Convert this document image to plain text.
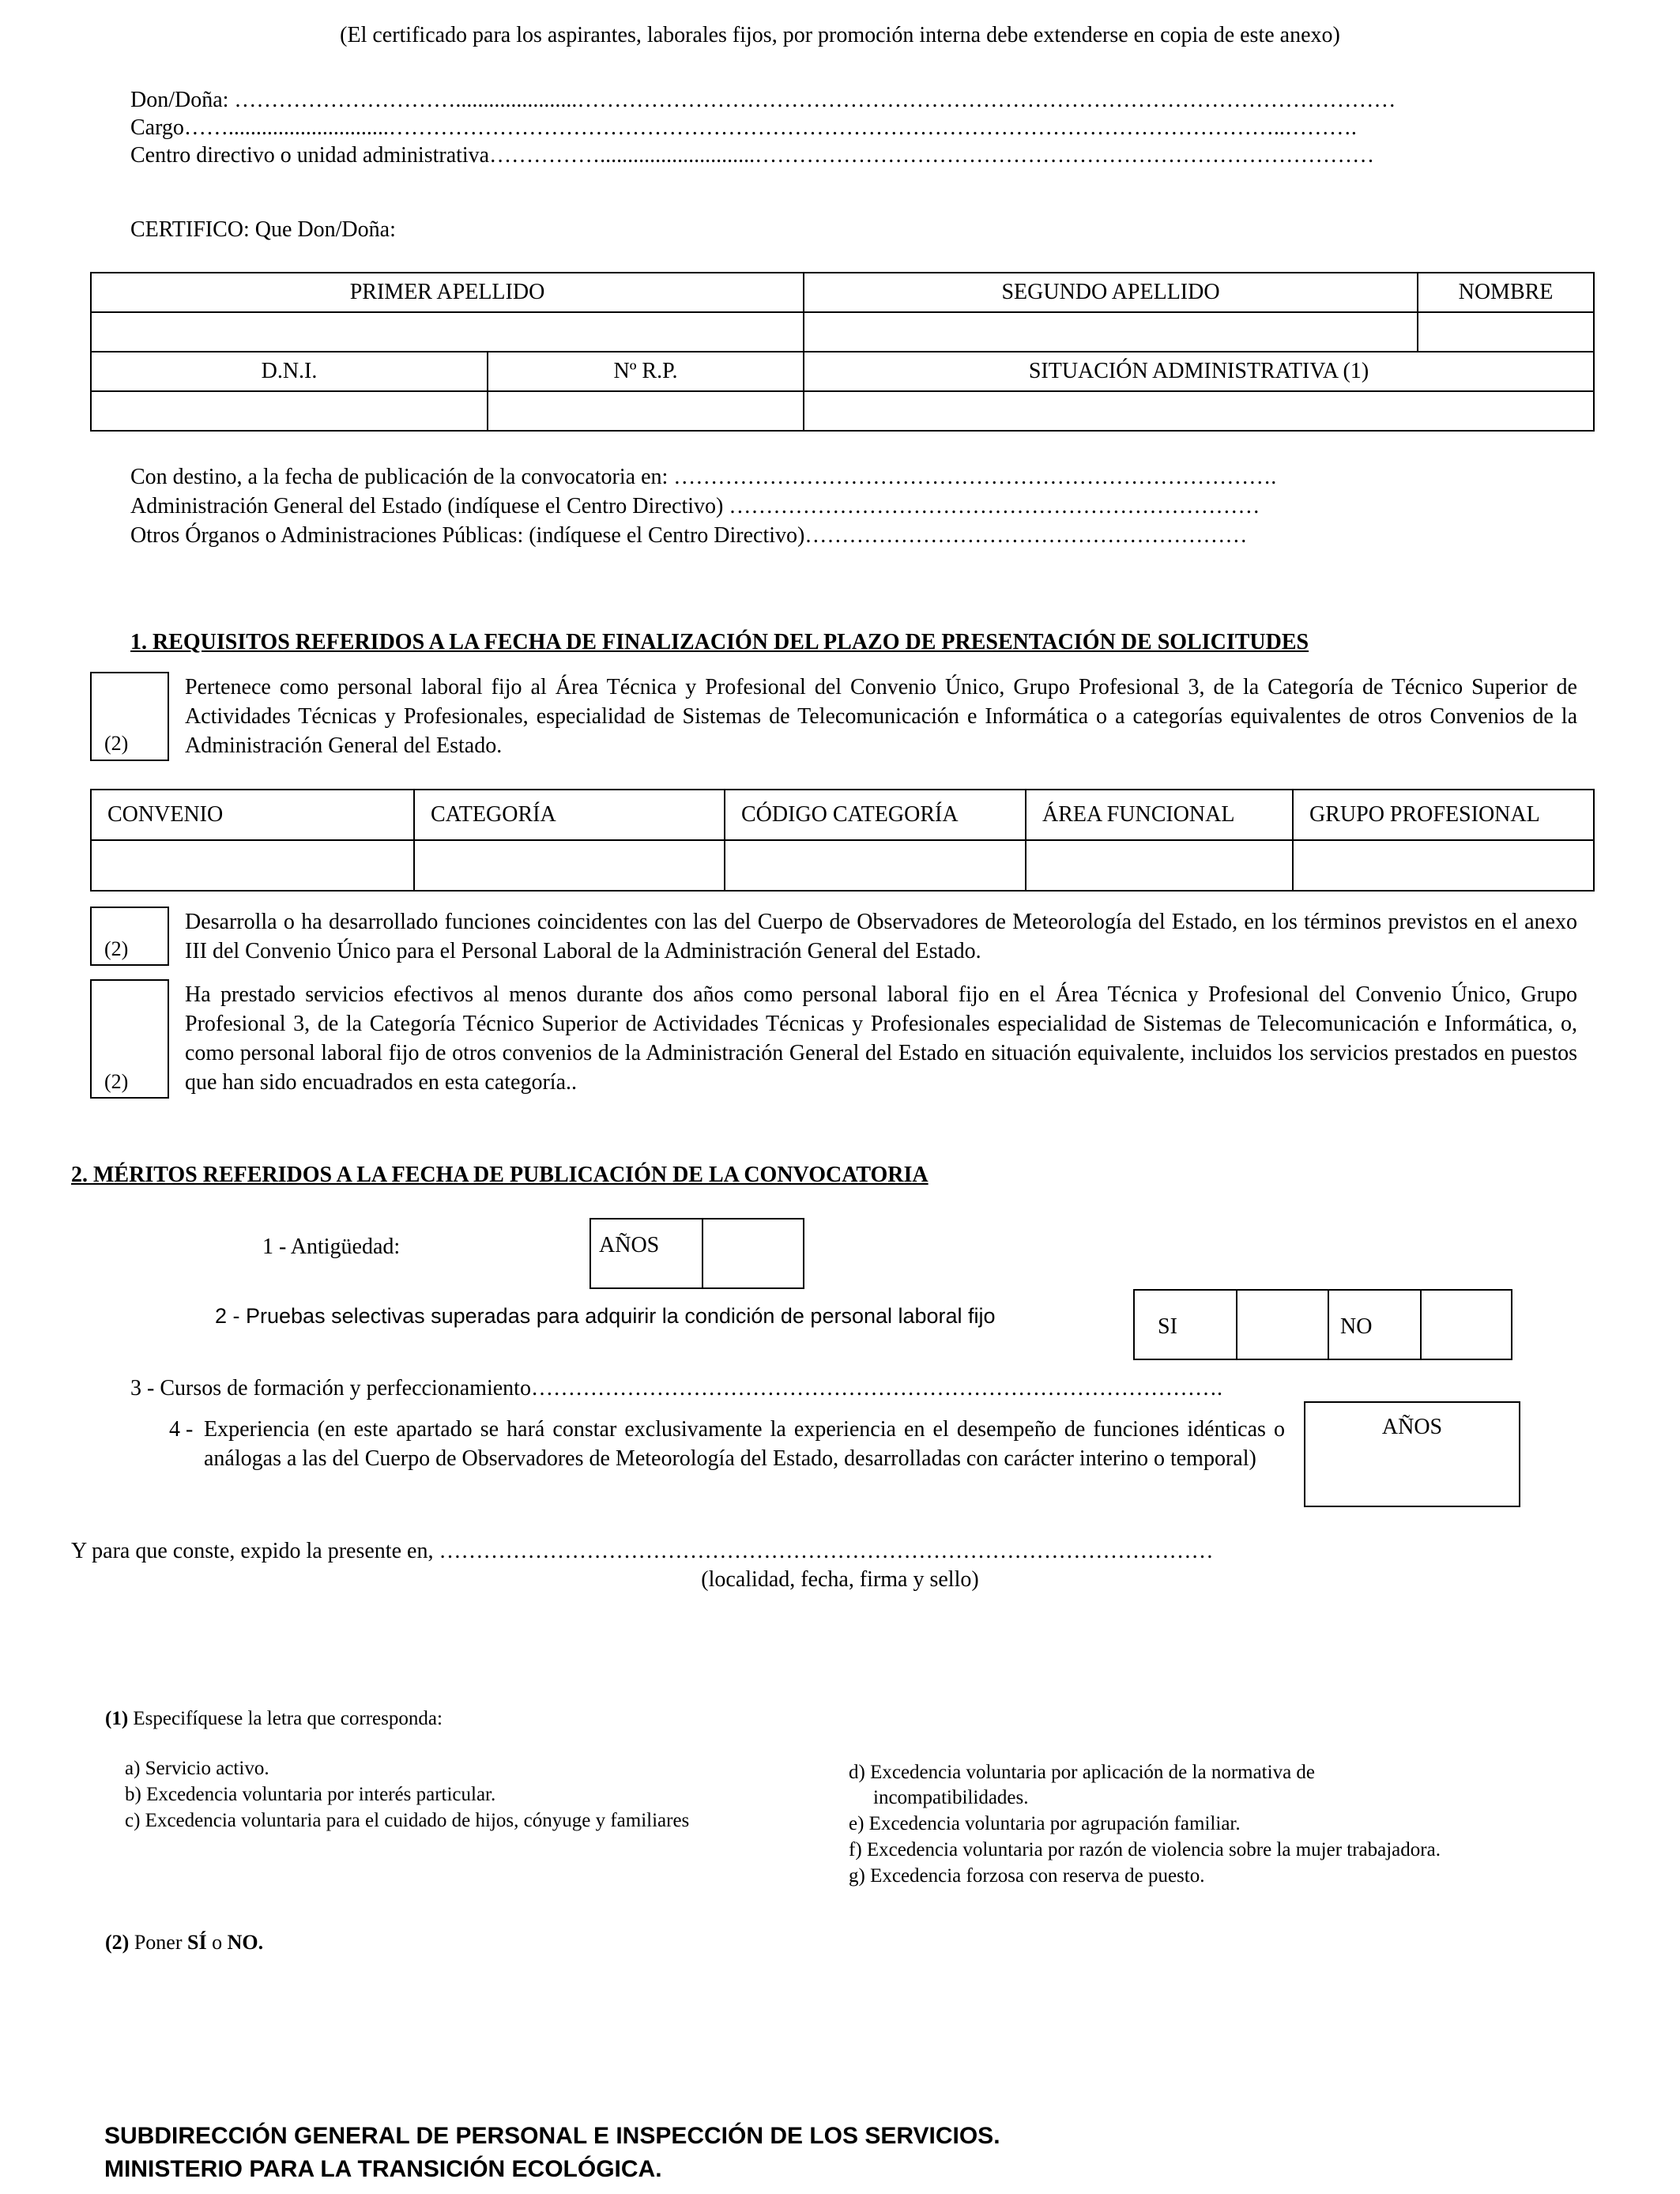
(El certificado para los aspirantes, laborales fijos, por promoción interna debe extenderse en copia de este anexo)
Don/Doña: …………………………......................…………………………………………………………………………………………………
Cargo…….............................…………………………………………………………………………………………………………..……….
Centro directivo o unidad administrativa……………............................…………………………………………………………………………
CERTIFICO: Que Don/Doña:
PRIMER APELLIDO		SEGUNDO APELLIDO	NOMBRE

D.N.I.	Nº R.P.	SITUACIÓN ADMINISTRATIVA (1)	

Con destino, a la fecha de publicación de la convocatoria en: ……………………………………………………………………….
Administración General del Estado (indíquese el Centro Directivo) ………………………………………………………………
Otros Órganos o Administraciones Públicas: (indíquese el Centro Directivo)……………………………………………………
1. REQUISITOS REFERIDOS A LA FECHA DE FINALIZACIÓN DEL PLAZO DE PRESENTACIÓN DE SOLICITUDES
(2)
Pertenece como personal laboral fijo al Área Técnica y Profesional del Convenio Único, Grupo Profesional 3, de la Categoría de Técnico Superior de Actividades Técnicas y Profesionales, especialidad de Sistemas de Telecomunicación e Informática o a categorías equivalentes de otros Convenios de la Administración General del Estado.
CONVENIO	CATEGORÍA	CÓDIGO CATEGORÍA	ÁREA FUNCIONAL	GRUPO PROFESIONAL

(2)
Desarrolla o ha desarrollado funciones coincidentes con las del Cuerpo de Observadores de Meteorología del Estado, en los términos previstos en el anexo III del Convenio Único para el Personal Laboral de la Administración General del Estado.
(2)
Ha prestado servicios efectivos al menos durante dos años como personal laboral fijo en el Área Técnica y Profesional del Convenio Único, Grupo Profesional 3, de la Categoría Técnico Superior de Actividades Técnicas y Profesionales especialidad de Sistemas de Telecomunicación e Informática, o, como personal laboral fijo de otros convenios de la Administración General del Estado en situación equivalente, incluidos los servicios prestados en puestos que han sido encuadrados en esta categoría..
2. MÉRITOS REFERIDOS A LA FECHA DE PUBLICACIÓN DE LA CONVOCATORIA
1 - Antigüedad:	AÑOS
2 - Pruebas selectivas superadas para adquirir la condición de personal laboral fijo	SI	NO
3 - Cursos de formación y perfeccionamiento………………………………………………………………………………….
4 - Experiencia (en este apartado se hará constar exclusivamente la experiencia en el desempeño de funciones idénticas o análogas a las del Cuerpo de Observadores de Meteorología del Estado, desarrolladas con carácter interino o temporal)
AÑOS
Y para que conste, expido la presente en, ……………………………………………………………………………………………
(localidad, fecha, firma y sello)
(1) Especifíquese la letra que corresponda:
a) Servicio activo.
b) Excedencia voluntaria por interés particular.
c) Excedencia voluntaria para el cuidado de hijos, cónyuge y familiares
d) Excedencia voluntaria por aplicación de la normativa de
incompatibilidades.
e) Excedencia voluntaria por agrupación familiar.
f) Excedencia voluntaria por razón de violencia sobre la mujer trabajadora.
g) Excedencia forzosa con reserva de puesto.
(2) Poner SÍ o NO.
SUBDIRECCIÓN GENERAL DE PERSONAL E INSPECCIÓN DE LOS SERVICIOS.
MINISTERIO PARA LA TRANSICIÓN ECOLÓGICA.
